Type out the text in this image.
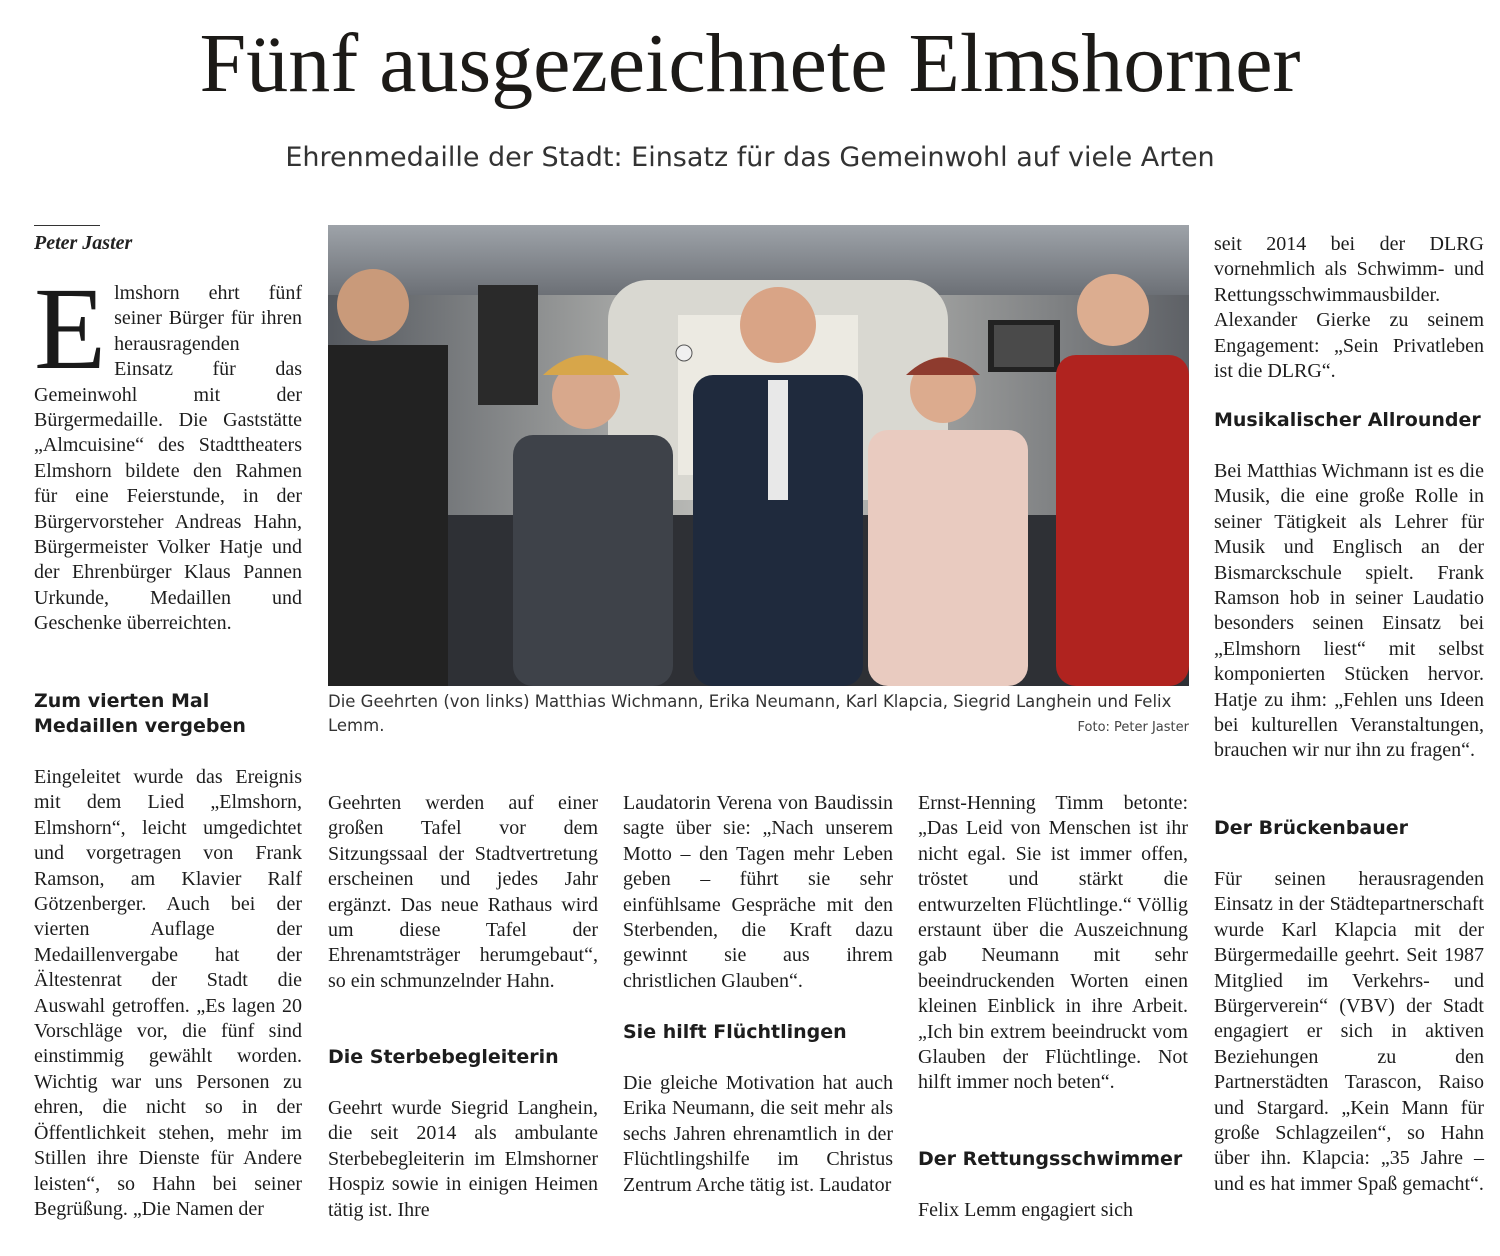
Fünf ausgezeichnete Elmshorner
Ehrenmedaille der Stadt: Einsatz für das Gemeinwohl auf viele Arten
Peter Jaster
E lmshorn ehrt fünf seiner Bürger für ihren herausragenden Einsatz für das Gemeinwohl mit der Bürgermedaille. Die Gaststätte „Almcuisine“ des Stadttheaters Elmshorn bildete den Rahmen für eine Feierstunde, in der Bürgervorsteher Andreas Hahn, Bürgermeister Volker Hatje und der Ehrenbürger Klaus Pannen Urkunde, Medaillen und Geschenke überreichten.

Zum vierten Mal Medaillen vergeben

Eingeleitet wurde das Ereignis mit dem Lied „Elmshorn, Elmshorn“, leicht umgedichtet und vorgetragen von Frank Ramson, am Klavier Ralf Götzenberger. Auch bei der vierten Auflage der Medaillenvergabe hat der Ältestenrat der Stadt die Auswahl getroffen. „Es lagen 20 Vorschläge vor, die fünf sind einstimmig gewählt worden. Wichtig war uns Personen zu ehren, die nicht so in der Öffentlichkeit stehen, mehr im Stillen ihre Dienste für Andere leisten“, so Hahn bei seiner Begrüßung. „Die Namen der

Die Geehrten (von links) Matthias Wichmann, Erika Neumann, Karl Klapcia, Siegrid Langhein und Felix Lemm.	Foto: Peter Jaster

Geehrten werden auf einer großen Tafel vor dem Sitzungssaal der Stadtvertretung erscheinen und jedes Jahr ergänzt. Das neue Rathaus wird um diese Tafel der Ehrenamtsträger herumgebaut“, so ein schmunzelnder Hahn.

Die Sterbebegleiterin

Geehrt wurde Siegrid Langhein, die seit 2014 als ambulante Sterbebegleiterin im Elmshorner Hospiz sowie in einigen Heimen tätig ist. Ihre

Laudatorin Verena von Baudissin sagte über sie: „Nach unserem Motto – den Tagen mehr Leben geben – führt sie sehr einfühlsame Gespräche mit den Sterbenden, die Kraft dazu gewinnt sie aus ihrem christlichen Glauben“.

Sie hilft Flüchtlingen

Die gleiche Motivation hat auch Erika Neumann, die seit mehr als sechs Jahren ehrenamtlich in der Flüchtlingshilfe im Christus Zentrum Arche tätig ist. Laudator

Ernst-Henning Timm betonte: „Das Leid von Menschen ist ihr nicht egal. Sie ist immer offen, tröstet und stärkt die entwurzelten Flüchtlinge.“ Völlig erstaunt über die Auszeichnung gab Neumann mit sehr beeindruckenden Worten einen kleinen Einblick in ihre Arbeit. „Ich bin extrem beeindruckt vom Glauben der Flüchtlinge. Not hilft immer noch beten“.

Der Rettungsschwimmer

Felix Lemm engagiert sich

seit 2014 bei der DLRG vornehmlich als Schwimm- und Rettungsschwimmausbilder. Alexander Gierke zu seinem Engagement: „Sein Privatleben ist die DLRG“.

Musikalischer Allrounder

Bei Matthias Wichmann ist es die Musik, die eine große Rolle in seiner Tätigkeit als Lehrer für Musik und Englisch an der Bismarckschule spielt. Frank Ramson hob in seiner Laudatio besonders seinen Einsatz bei „Elmshorn liest“ mit selbst komponierten Stücken hervor. Hatje zu ihm: „Fehlen uns Ideen bei kulturellen Veranstaltungen, brauchen wir nur ihn zu fragen“.

Der Brückenbauer

Für seinen herausragenden Einsatz in der Städtepartnerschaft wurde Karl Klapcia mit der Bürgermedaille geehrt. Seit 1987 Mitglied im Verkehrs- und Bürgerverein“ (VBV) der Stadt engagiert er sich in aktiven Beziehungen zu den Partnerstädten Tarascon, Raiso und Stargard. „Kein Mann für große Schlagzeilen“, so Hahn über ihn. Klapcia: „35 Jahre – und es hat immer Spaß gemacht“.
